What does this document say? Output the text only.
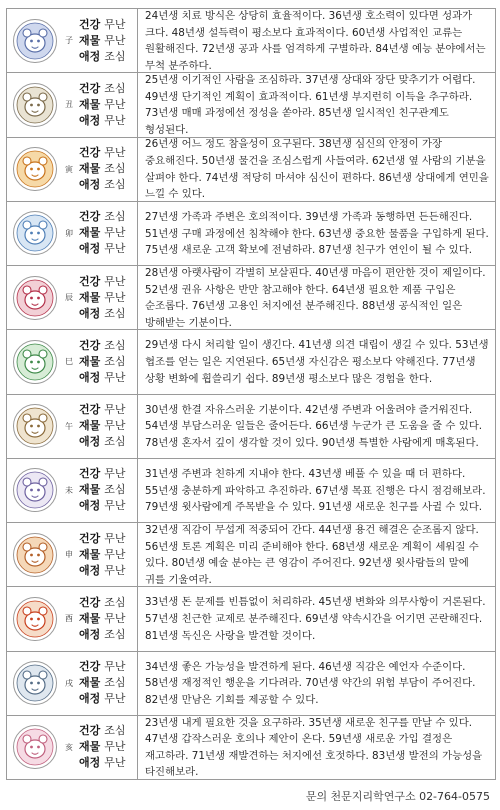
子
건강 무난
재물 무난
애정 조심

24년생 치료 방식은 상당히 효율적이다. 36년생 호소력이 있다면 성과가 크다. 48년생 설득력이 평소보다 효과적이다. 60년생 사업적인 교류는 원활해진다. 72년생 공과 사를 엄격하게 구별하라. 84년생 예능 분야에서는 무척 분주하다.

丑
건강 조심
재물 무난
애정 무난

25년생 이기적인 사람을 조심하라. 37년생 상대와 장단 맞추기가 어렵다. 49년생 단기적인 계획이 효과적이다. 61년생 부지런히 이득을 추구하라. 73년생 매매 과정에선 정성을 쏟아라. 85년생 일시적인 친구관계도 형성된다.

寅
건강 무난
재물 조심
애정 조심

26년생 어느 정도 참을성이 요구된다. 38년생 심신의 안정이 가장 중요해진다. 50년생 물건을 조심스럽게 사들여라. 62년생 옆 사람의 기분을 살펴야 한다. 74년생 적당히 마셔야 심신이 편하다. 86년생 상대에게 연민을 느낄 수 있다.

卯
건강 조심
재물 무난
애정 무난

27년생 가족과 주변은 호의적이다. 39년생 가족과 동행하면 든든해진다. 51년생 구매 과정에선 침착해야 한다. 63년생 중요한 물품을 구입하게 된다. 75년생 새로운 고객 확보에 전념하라. 87년생 친구가 연인이 될 수 있다.

辰
건강 무난
재물 무난
애정 조심

28년생 아랫사람이 각별히 보살핀다. 40년생 마음이 편안한 것이 제일이다. 52년생 권유 사항은 반만 참고해야 한다. 64년생 필요한 제품 구입은 순조롭다. 76년생 고용인 처지에선 분주해진다. 88년생 공식적인 일은 방해받는 기분이다.

巳
건강 조심
재물 조심
애정 무난

29년생 다시 처리할 일이 생긴다. 41년생 의견 대립이 생길 수 있다. 53년생 협조를 얻는 일은 지연된다. 65년생 자신감은 평소보다 약해진다. 77년생 상황 변화에 휩쓸리기 쉽다. 89년생 평소보다 많은 경험을 한다.

午
건강 무난
재물 무난
애정 조심

30년생 한결 자유스러운 기분이다. 42년생 주변과 어울려야 즐거워진다. 54년생 부담스러운 일들은 줄어든다. 66년생 누군가 큰 도움을 줄 수 있다. 78년생 혼자서 깊이 생각할 것이 있다. 90년생 특별한 사람에게 매혹된다.

未
건강 무난
재물 조심
애정 무난

31년생 주변과 친하게 지내야 한다. 43년생 베풀 수 있을 때 더 편하다. 55년생 충분하게 파악하고 추진하라. 67년생 목표 진행은 다시 점검해보라. 79년생 윗사람에게 주목받을 수 있다. 91년생 새로운 친구를 사귈 수 있다.

申
건강 무난
재물 무난
애정 무난

32년생 직감이 무섭게 적중되어 간다. 44년생 용건 해결은 순조롭지 않다. 56년생 토론 계획은 미리 준비해야 한다. 68년생 새로운 계획이 세워질 수 있다. 80년생 예술 분야는 큰 영감이 주어진다. 92년생 윗사람들의 말에 귀를 기울여라.

酉
건강 조심
재물 무난
애정 조심

33년생 돈 문제를 빈틈없이 처리하라. 45년생 변화와 의무사항이 거론된다. 57년생 친근한 교제로 분주해진다. 69년생 약속시간을 어기면 곤란해진다. 81년생 독신은 사랑을 발견할 것이다.

戌
건강 무난
재물 조심
애정 무난

34년생 좋은 가능성을 발견하게 된다. 46년생 직감은 예언자 수준이다. 58년생 재정적인 행운을 기다려라. 70년생 약간의 위험 부담이 주어진다. 82년생 만남은 기회를 제공할 수 있다.

亥
건강 조심
재물 무난
애정 무난

23년생 내게 필요한 것을 요구하라. 35년생 새로운 친구를 만날 수 있다. 47년생 갑작스러운 호의나 제안이 온다. 59년생 새로운 가입 결정은 재고하라. 71년생 재발견하는 처지에선 호젓하다. 83년생 발전의 가능성을 타진해보라.

문의 천문지리학연구소 02-764-0575
